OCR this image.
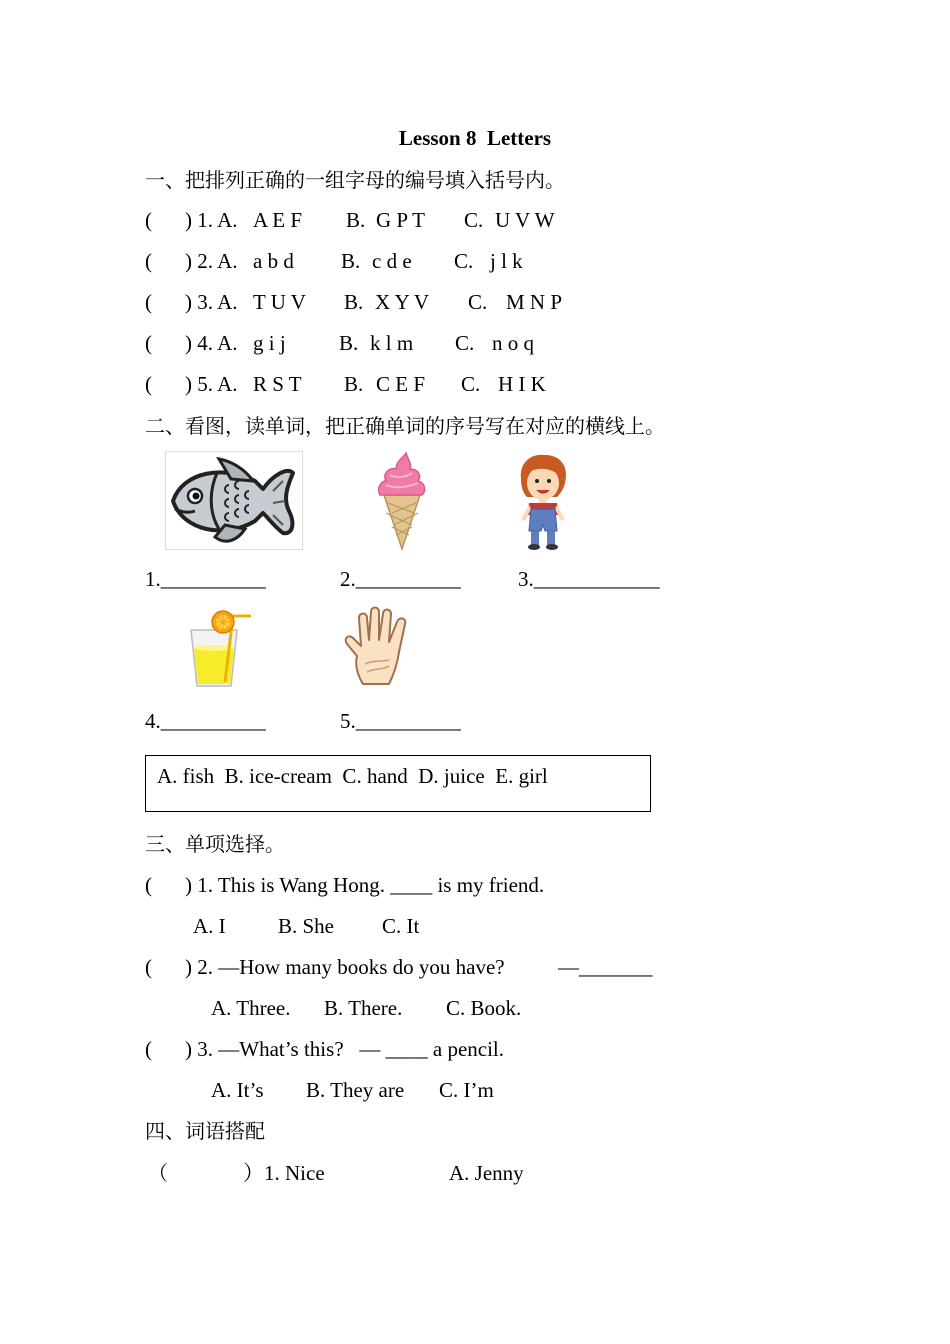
Lesson 8  Letters
一、把排列正确的一组字母的编号填入括号内。
( ) 1. A. A E F B. G P T C. U V W
( ) 2. A. a b d B. c d e C. j l k
( ) 3. A. T U V B. X Y V C. M N P
( ) 4. A. g i j	B. k l m C. n o q
( ) 5. A. R S T B. C E F C. H I K
二、看图，读单词，把正确单词的序号写在对应的横线上。
1.__________	2.__________	3.____________
4.__________	5.__________
A. fish  B. ice-cream  C. hand  D. juice  E. girl
三、单项选择。
( ) 1. This is Wang Hong. ____ is my friend.
A. I B. She C. It
( ) 2. —How many books do you have?	—_______
A. Three. B. There. C. Book.
( ) 3. —What’s this?   — ____ a pencil.
A. It’s B. They are C. I’m
四、词语搭配
（	）1. Nice	A. Jenny
